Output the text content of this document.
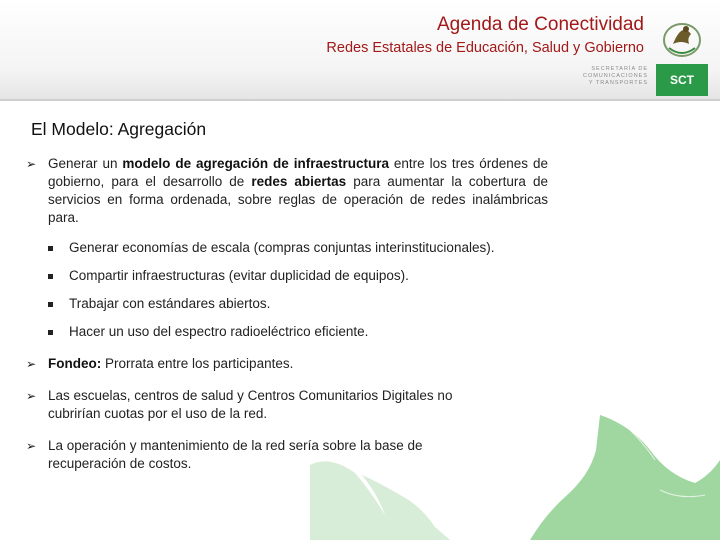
Agenda de Conectividad
Redes Estatales de Educación, Salud y Gobierno
SECRETARÍA DE
COMUNICACIONES
Y TRANSPORTES	SCT
El Modelo: Agregación
➢ Generar un modelo de agregación de infraestructura entre los tres órdenes de gobierno, para el desarrollo de redes abiertas para aumentar la cobertura de servicios en forma ordenada, sobre reglas de operación de redes inalámbricas para.

Generar economías de escala (compras conjuntas interinstitucionales).
Compartir infraestructuras (evitar duplicidad de equipos).
Trabajar con estándares abiertos.
Hacer un uso del espectro radioeléctrico eficiente.
➢ Fondeo: Prorrata entre los participantes.

➢ Las escuelas, centros de salud y Centros Comunitarios Digitales no cubrirían cuotas por el uso de la red.

➢ La operación y mantenimiento de la red sería sobre la base de recuperación de costos.
